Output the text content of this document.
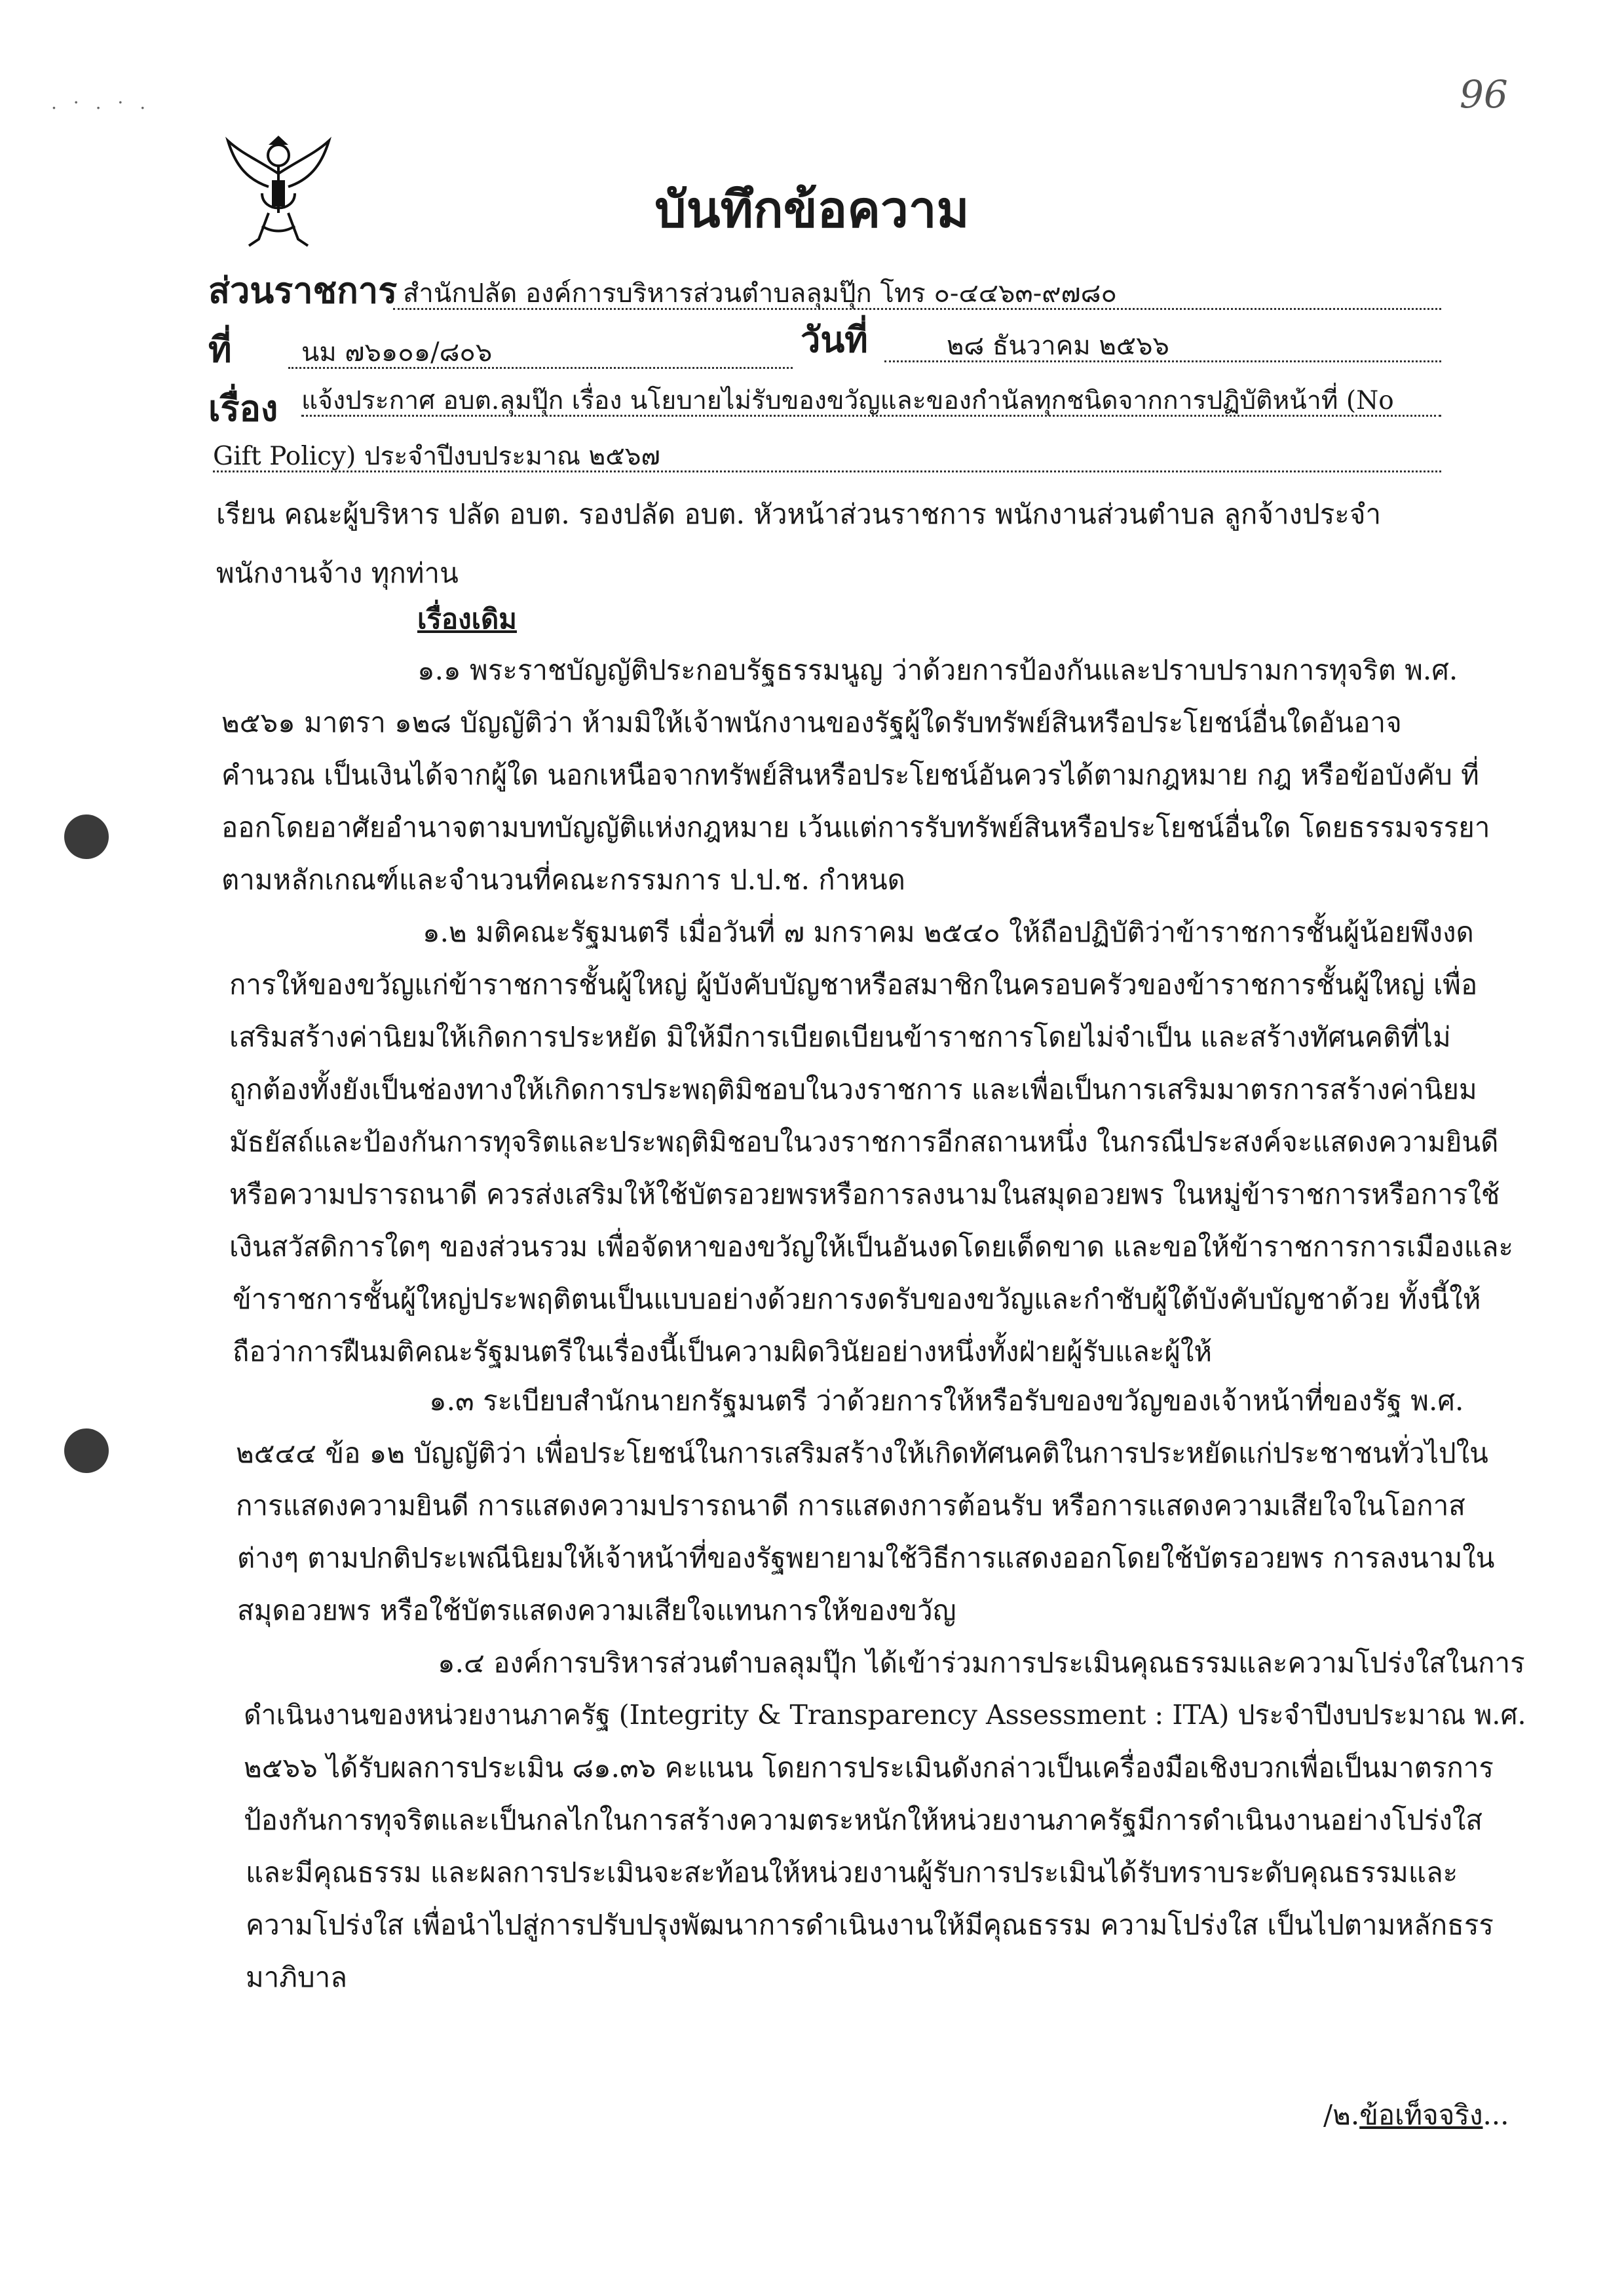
96
. · . · .
บันทึกข้อความ
ส่วนราชการ สำนักปลัด องค์การบริหารส่วนตำบลลุมปุ๊ก โทร ๐-๔๔๖๓-๙๗๘๐
ที่	นม ๗๖๑๐๑/๘๐๖	วันที่	๒๘ ธันวาคม ๒๕๖๖
เรื่อง แจ้งประกาศ อบต.ลุมปุ๊ก เรื่อง นโยบายไม่รับของขวัญและของกำนัลทุกชนิดจากการปฏิบัติหน้าที่ (No
Gift Policy) ประจำปีงบประมาณ ๒๕๖๗
เรียน คณะผู้บริหาร ปลัด อบต. รองปลัด อบต. หัวหน้าส่วนราชการ พนักงานส่วนตำบล ลูกจ้างประจำ
พนักงานจ้าง ทุกท่าน
เรื่องเดิม
๑.๑ พระราชบัญญัติประกอบรัฐธรรมนูญ ว่าด้วยการป้องกันและปราบปรามการทุจริต พ.ศ.
๒๕๖๑ มาตรา ๑๒๘ บัญญัติว่า ห้ามมิให้เจ้าพนักงานของรัฐผู้ใดรับทรัพย์สินหรือประโยชน์อื่นใดอันอาจ
คำนวณ เป็นเงินได้จากผู้ใด นอกเหนือจากทรัพย์สินหรือประโยชน์อันควรได้ตามกฎหมาย กฎ หรือข้อบังคับ ที่
ออกโดยอาศัยอำนาจตามบทบัญญัติแห่งกฎหมาย เว้นแต่การรับทรัพย์สินหรือประโยชน์อื่นใด โดยธรรมจรรยา
ตามหลักเกณฑ์และจำนวนที่คณะกรรมการ ป.ป.ช. กำหนด
๑.๒ มติคณะรัฐมนตรี เมื่อวันที่ ๗ มกราคม ๒๕๔๐ ให้ถือปฏิบัติว่าข้าราชการชั้นผู้น้อยพึงงด
การให้ของขวัญแก่ข้าราชการชั้นผู้ใหญ่ ผู้บังคับบัญชาหรือสมาชิกในครอบครัวของข้าราชการชั้นผู้ใหญ่ เพื่อ
เสริมสร้างค่านิยมให้เกิดการประหยัด มิให้มีการเบียดเบียนข้าราชการโดยไม่จำเป็น และสร้างทัศนคติที่ไม่
ถูกต้องทั้งยังเป็นช่องทางให้เกิดการประพฤติมิชอบในวงราชการ และเพื่อเป็นการเสริมมาตรการสร้างค่านิยม
มัธยัสถ์และป้องกันการทุจริตและประพฤติมิชอบในวงราชการอีกสถานหนึ่ง ในกรณีประสงค์จะแสดงความยินดี
หรือความปรารถนาดี ควรส่งเสริมให้ใช้บัตรอวยพรหรือการลงนามในสมุดอวยพร ในหมู่ข้าราชการหรือการใช้
เงินสวัสดิการใดๆ ของส่วนรวม เพื่อจัดหาของขวัญให้เป็นอันงดโดยเด็ดขาด และขอให้ข้าราชการการเมืองและ
ข้าราชการชั้นผู้ใหญ่ประพฤติตนเป็นแบบอย่างด้วยการงดรับของขวัญและกำชับผู้ใต้บังคับบัญชาด้วย ทั้งนี้ให้
ถือว่าการฝืนมติคณะรัฐมนตรีในเรื่องนี้เป็นความผิดวินัยอย่างหนึ่งทั้งฝ่ายผู้รับและผู้ให้
๑.๓ ระเบียบสำนักนายกรัฐมนตรี ว่าด้วยการให้หรือรับของขวัญของเจ้าหน้าที่ของรัฐ พ.ศ.
๒๕๔๔ ข้อ ๑๒ บัญญัติว่า เพื่อประโยชน์ในการเสริมสร้างให้เกิดทัศนคติในการประหยัดแก่ประชาชนทั่วไปใน
การแสดงความยินดี การแสดงความปรารถนาดี การแสดงการต้อนรับ หรือการแสดงความเสียใจในโอกาส
ต่างๆ ตามปกติประเพณีนิยมให้เจ้าหน้าที่ของรัฐพยายามใช้วิธีการแสดงออกโดยใช้บัตรอวยพร การลงนามใน
สมุดอวยพร หรือใช้บัตรแสดงความเสียใจแทนการให้ของขวัญ
๑.๔ องค์การบริหารส่วนตำบลลุมปุ๊ก ได้เข้าร่วมการประเมินคุณธรรมและความโปร่งใสในการ
ดำเนินงานของหน่วยงานภาครัฐ (Integrity & Transparency Assessment : ITA) ประจำปีงบประมาณ พ.ศ.
๒๕๖๖ ได้รับผลการประเมิน ๘๑.๓๖ คะแนน โดยการประเมินดังกล่าวเป็นเครื่องมือเชิงบวกเพื่อเป็นมาตรการ
ป้องกันการทุจริตและเป็นกลไกในการสร้างความตระหนักให้หน่วยงานภาครัฐมีการดำเนินงานอย่างโปร่งใส
และมีคุณธรรม และผลการประเมินจะสะท้อนให้หน่วยงานผู้รับการประเมินได้รับทราบระดับคุณธรรมและ
ความโปร่งใส เพื่อนำไปสู่การปรับปรุงพัฒนาการดำเนินงานให้มีคุณธรรม ความโปร่งใส เป็นไปตามหลักธรร
มาภิบาล
/๒.ข้อเท็จจริง...
